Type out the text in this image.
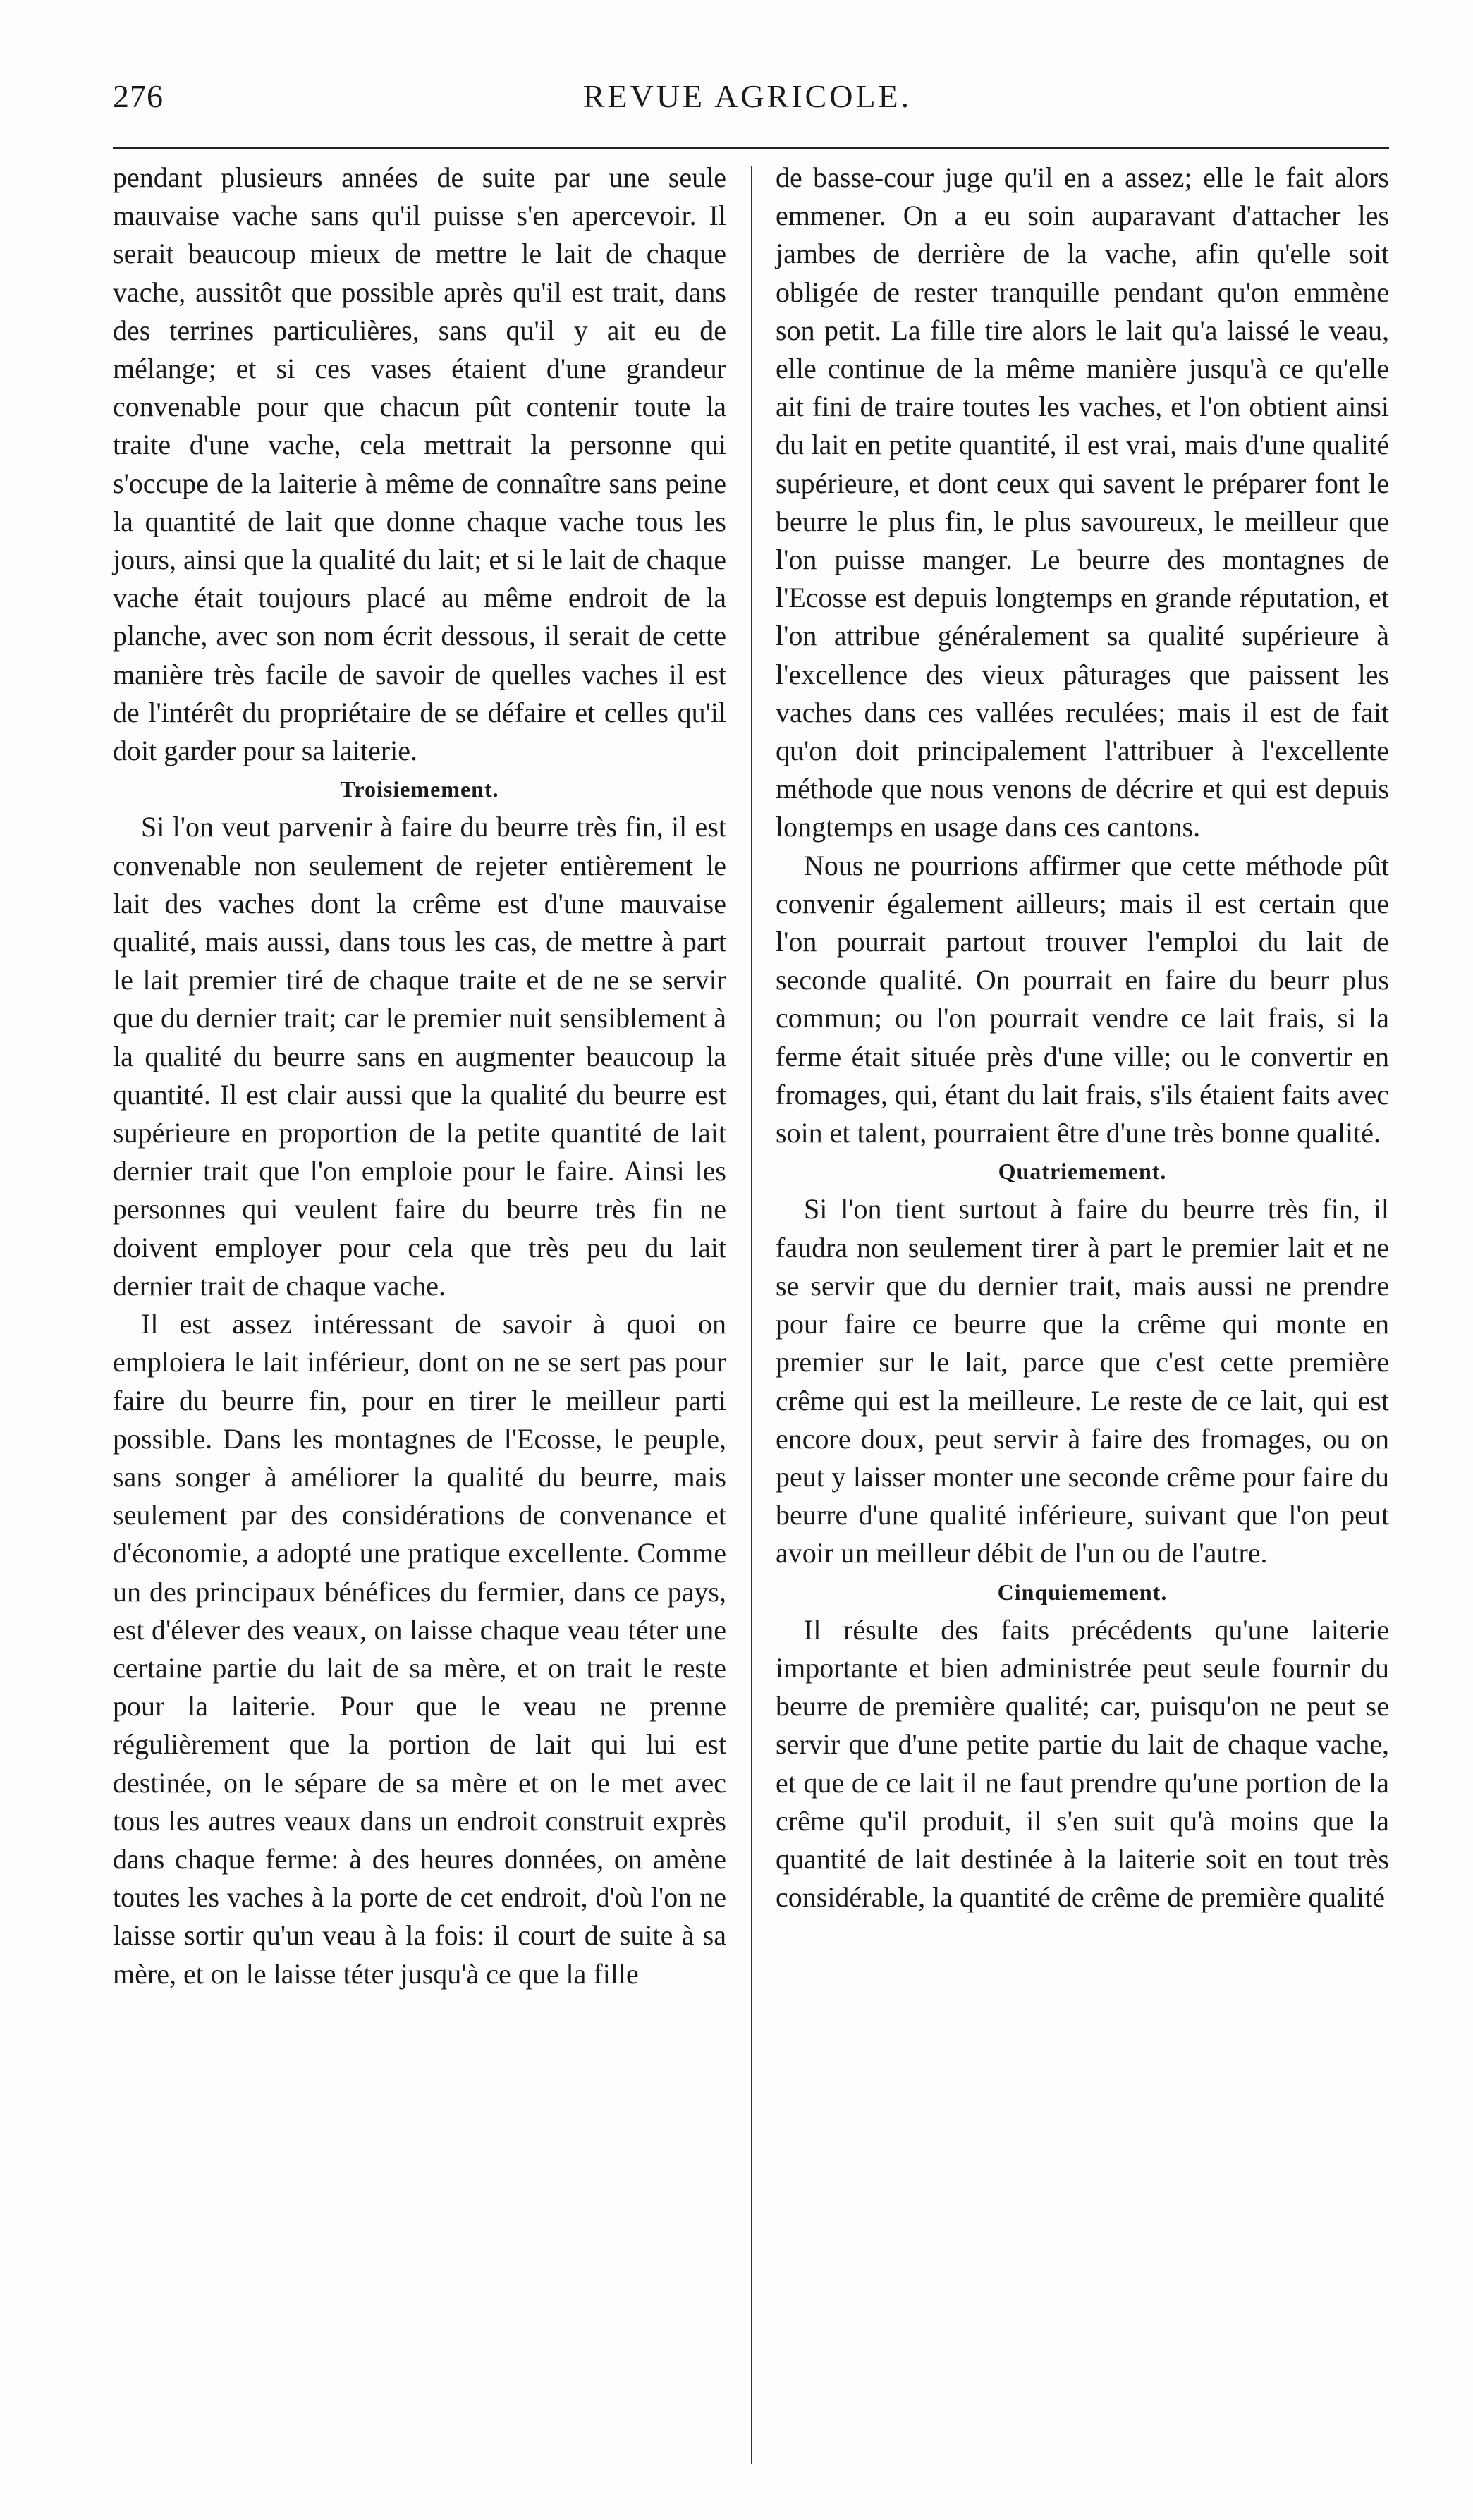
276	REVUE AGRICOLE.

pendant plusieurs années de suite par une seule mauvaise vache sans qu'il puisse s'en apercevoir. Il serait beaucoup mieux de mettre le lait de chaque vache, aussitôt que possible après qu'il est trait, dans des terrines particulières, sans qu'il y ait eu de mélange; et si ces vases étaient d'une grandeur convenable pour que chacun pût contenir toute la traite d'une vache, cela mettrait la personne qui s'occupe de la laiterie à même de connaître sans peine la quantité de lait que donne chaque vache tous les jours, ainsi que la qualité du lait; et si le lait de chaque vache était toujours placé au même endroit de la planche, avec son nom écrit dessous, il serait de cette manière très facile de savoir de quelles vaches il est de l'intérêt du propriétaire de se défaire et celles qu'il doit garder pour sa laiterie.

Troisiemement.

Si l'on veut parvenir à faire du beurre très fin, il est convenable non seulement de rejeter entièrement le lait des vaches dont la crême est d'une mauvaise qualité, mais aussi, dans tous les cas, de mettre à part le lait premier tiré de chaque traite et de ne se servir que du dernier trait; car le premier nuit sensiblement à la qualité du beurre sans en augmenter beaucoup la quantité. Il est clair aussi que la qualité du beurre est supérieure en proportion de la petite quantité de lait dernier trait que l'on emploie pour le faire. Ainsi les personnes qui veulent faire du beurre très fin ne doivent employer pour cela que très peu du lait dernier trait de chaque vache.

Il est assez intéressant de savoir à quoi on emploiera le lait inférieur, dont on ne se sert pas pour faire du beurre fin, pour en tirer le meilleur parti possible. Dans les montagnes de l'Ecosse, le peuple, sans songer à améliorer la qualité du beurre, mais seulement par des considérations de convenance et d'économie, a adopté une pratique excellente. Comme un des principaux bénéfices du fermier, dans ce pays, est d'élever des veaux, on laisse chaque veau téter une certaine partie du lait de sa mère, et on trait le reste pour la laiterie. Pour que le veau ne prenne régulièrement que la portion de lait qui lui est destinée, on le sépare de sa mère et on le met avec tous les autres veaux dans un endroit construit exprès dans chaque ferme: à des heures données, on amène toutes les vaches à la porte de cet endroit, d'où l'on ne laisse sortir qu'un veau à la fois: il court de suite à sa mère, et on le laisse téter jusqu'à ce que la fille

de basse-cour juge qu'il en a assez; elle le fait alors emmener. On a eu soin auparavant d'attacher les jambes de derrière de la vache, afin qu'elle soit obligée de rester tranquille pendant qu'on emmène son petit. La fille tire alors le lait qu'a laissé le veau, elle continue de la même manière jusqu'à ce qu'elle ait fini de traire toutes les vaches, et l'on obtient ainsi du lait en petite quantité, il est vrai, mais d'une qualité supérieure, et dont ceux qui savent le préparer font le beurre le plus fin, le plus savoureux, le meilleur que l'on puisse manger. Le beurre des montagnes de l'Ecosse est depuis longtemps en grande réputation, et l'on attribue généralement sa qualité supérieure à l'excellence des vieux pâturages que paissent les vaches dans ces vallées reculées; mais il est de fait qu'on doit principalement l'attribuer à l'excellente méthode que nous venons de décrire et qui est depuis longtemps en usage dans ces cantons.

Nous ne pourrions affirmer que cette méthode pût convenir également ailleurs; mais il est certain que l'on pourrait partout trouver l'emploi du lait de seconde qualité. On pourrait en faire du beurr plus commun; ou l'on pourrait vendre ce lait frais, si la ferme était située près d'une ville; ou le convertir en fromages, qui, étant du lait frais, s'ils étaient faits avec soin et talent, pourraient être d'une très bonne qualité.

Quatriemement.

Si l'on tient surtout à faire du beurre très fin, il faudra non seulement tirer à part le premier lait et ne se servir que du dernier trait, mais aussi ne prendre pour faire ce beurre que la crême qui monte en premier sur le lait, parce que c'est cette première crême qui est la meilleure. Le reste de ce lait, qui est encore doux, peut servir à faire des fromages, ou on peut y laisser monter une seconde crême pour faire du beurre d'une qualité inférieure, suivant que l'on peut avoir un meilleur débit de l'un ou de l'autre.

Cinquiemement.

Il résulte des faits précédents qu'une laiterie importante et bien administrée peut seule fournir du beurre de première qualité; car, puisqu'on ne peut se servir que d'une petite partie du lait de chaque vache, et que de ce lait il ne faut prendre qu'une portion de la crême qu'il produit, il s'en suit qu'à moins que la quantité de lait destinée à la laiterie soit en tout très considérable, la quantité de crême de première qualité
